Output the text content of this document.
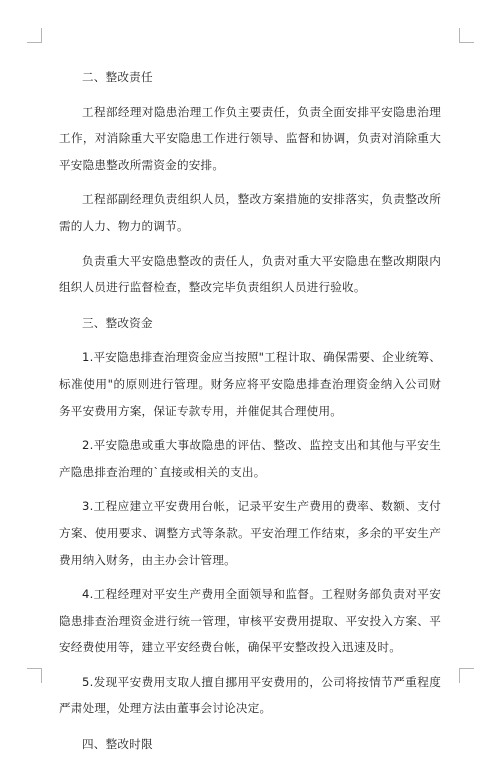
二、整改责任

工程部经理对隐患治理工作负主要责任，负责全面安排平安隐患治理工作，对消除重大平安隐患工作进行领导、监督和协调，负责对消除重大平安隐患整改所需资金的安排。

工程部副经理负责组织人员，整改方案措施的安排落实，负责整改所需的人力、物力的调节。

负责重大平安隐患整改的责任人，负责对重大平安隐患在整改期限内组织人员进行监督检查，整改完毕负责组织人员进行验收。

三、整改资金

1.平安隐患排查治理资金应当按照"工程计取、确保需要、企业统筹、标准使用"的原则进行管理。财务应将平安隐患排查治理资金纳入公司财务平安费用方案，保证专款专用，并催促其合理使用。

2.平安隐患或重大事故隐患的评估、整改、监控支出和其他与平安生产隐患排查治理的`直接或相关的支出。

3.工程应建立平安费用台帐，记录平安生产费用的费率、数额、支付方案、使用要求、调整方式等条款。平安治理工作结束，多余的平安生产费用纳入财务，由主办会计管理。

4.工程经理对平安生产费用全面领导和监督。工程财务部负责对平安隐患排查治理资金进行统一管理，审核平安费用提取、平安投入方案、平安经费使用等，建立平安经费台帐，确保平安整改投入迅速及时。

5.发现平安费用支取人擅自挪用平安费用的，公司将按情节严重程度严肃处理，处理方法由董事会讨论决定。

四、整改时限
